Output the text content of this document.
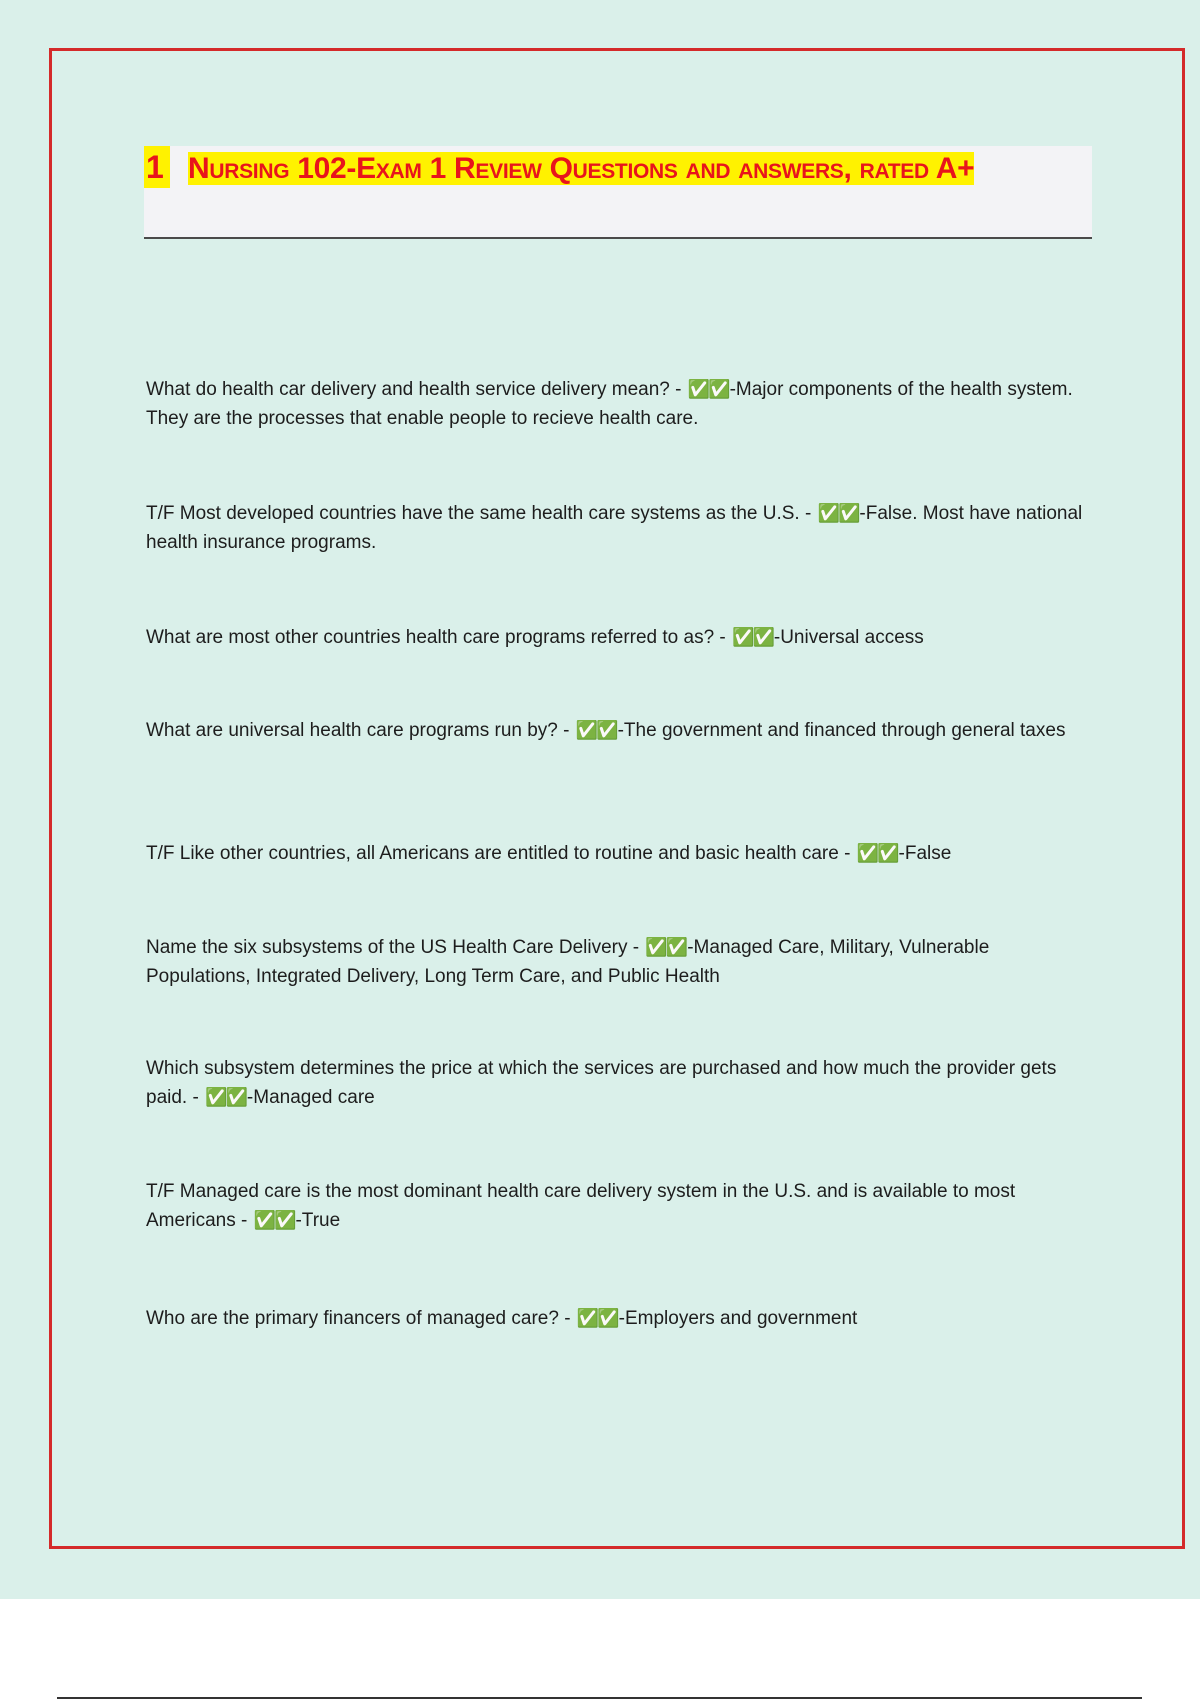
1 Nursing 102-Exam 1 Review Questions and answers, rated A+
What do health car delivery and health service delivery mean? - ✅✅-Major components of the health system. They are the processes that enable people to recieve health care.
T/F Most developed countries have the same health care systems as the U.S. - ✅✅-False. Most have national health insurance programs.
What are most other countries health care programs referred to as? - ✅✅-Universal access
What are universal health care programs run by? - ✅✅-The government and financed through general taxes
T/F Like other countries, all Americans are entitled to routine and basic health care - ✅✅-False
Name the six subsystems of the US Health Care Delivery - ✅✅-Managed Care, Military, Vulnerable Populations, Integrated Delivery, Long Term Care, and Public Health
Which subsystem determines the price at which the services are purchased and how much the provider gets paid. - ✅✅-Managed care
T/F Managed care is the most dominant health care delivery system in the U.S. and is available to most Americans - ✅✅-True
Who are the primary financers of managed care? - ✅✅-Employers and government
